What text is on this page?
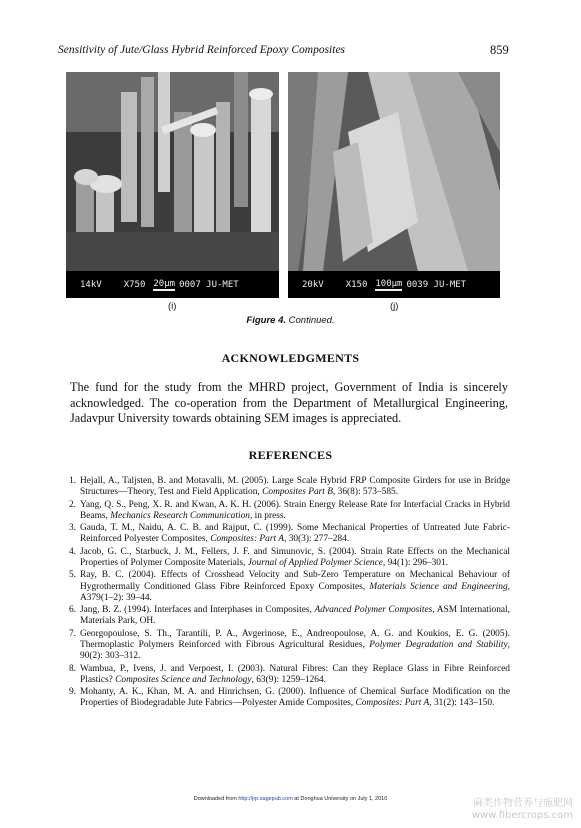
Sensitivity of Jute/Glass Hybrid Reinforced Epoxy Composites	859
14kV X750 20µm 0007 JU-MET	20kV X150 100µm 0039 JU-MET
(i)	(j)
Figure 4. Continued.
ACKNOWLEDGMENTS
The fund for the study from the MHRD project, Government of India is sincerely acknowledged. The co-operation from the Department of Metallurgical Engineering, Jadavpur University towards obtaining SEM images is appreciated.
REFERENCES
1. Hejall, A., Taljsten, B. and Motavalli, M. (2005). Large Scale Hybrid FRP Composite Girders for use in Bridge Structures—Theory, Test and Field Application, Composites Part B, 36(8): 573–585.
2. Yang, Q. S., Peng, X. R. and Kwan, A. K. H. (2006). Strain Energy Release Rate for Interfacial Cracks in Hybrid Beams, Mechanics Research Communication, in press.
3. Gauda, T. M., Naidu, A. C. B. and Rajput, C. (1999). Some Mechanical Properties of Untreated Jute Fabric-Reinforced Polyester Composites, Composites: Part A, 30(3): 277–284.
4. Jacob, G. C., Starbuck, J. M., Fellers, J. F. and Simunovic, S. (2004). Strain Rate Effects on the Mechanical Properties of Polymer Composite Materials, Journal of Applied Polymer Science, 94(1): 296–301.
5. Ray, B. C. (2004). Effects of Crosshead Velocity and Sub-Zero Temperature on Mechanical Behaviour of Hygrothermally Conditioned Glass Fibre Reinforced Epoxy Composites, Materials Science and Engineering, A379(1–2): 39–44.
6. Jang, B. Z. (1994). Interfaces and Interphases in Composites, Advanced Polymer Composites, ASM International, Materials Park, OH.
7. Georgopoulose, S. Th., Tarantili, P. A., Avgerinose, E., Andreopoulose, A. G. and Koukios, E. G. (2005). Thermoplastic Polymers Reinforced with Fibrous Agricultural Residues, Polymer Degradation and Stability, 90(2): 303–312.
8. Wambua, P., Ivens, J. and Verpoest, I. (2003). Natural Fibres: Can they Replace Glass in Fibre Reinforced Plastics? Composites Science and Technology, 63(9): 1259–1264.
9. Mohanty, A. K., Khan, M. A. and Hinrichsen, G. (2000). Influence of Chemical Surface Modification on the Properties of Biodegradable Jute Fabrics—Polyester Amide Composites, Composites: Part A, 31(2): 143–150.
Downloaded from http://jrp.sagepub.com at Donghua University on July 1, 2010	麻类作物营养与施肥网
www.fibercrops.com
